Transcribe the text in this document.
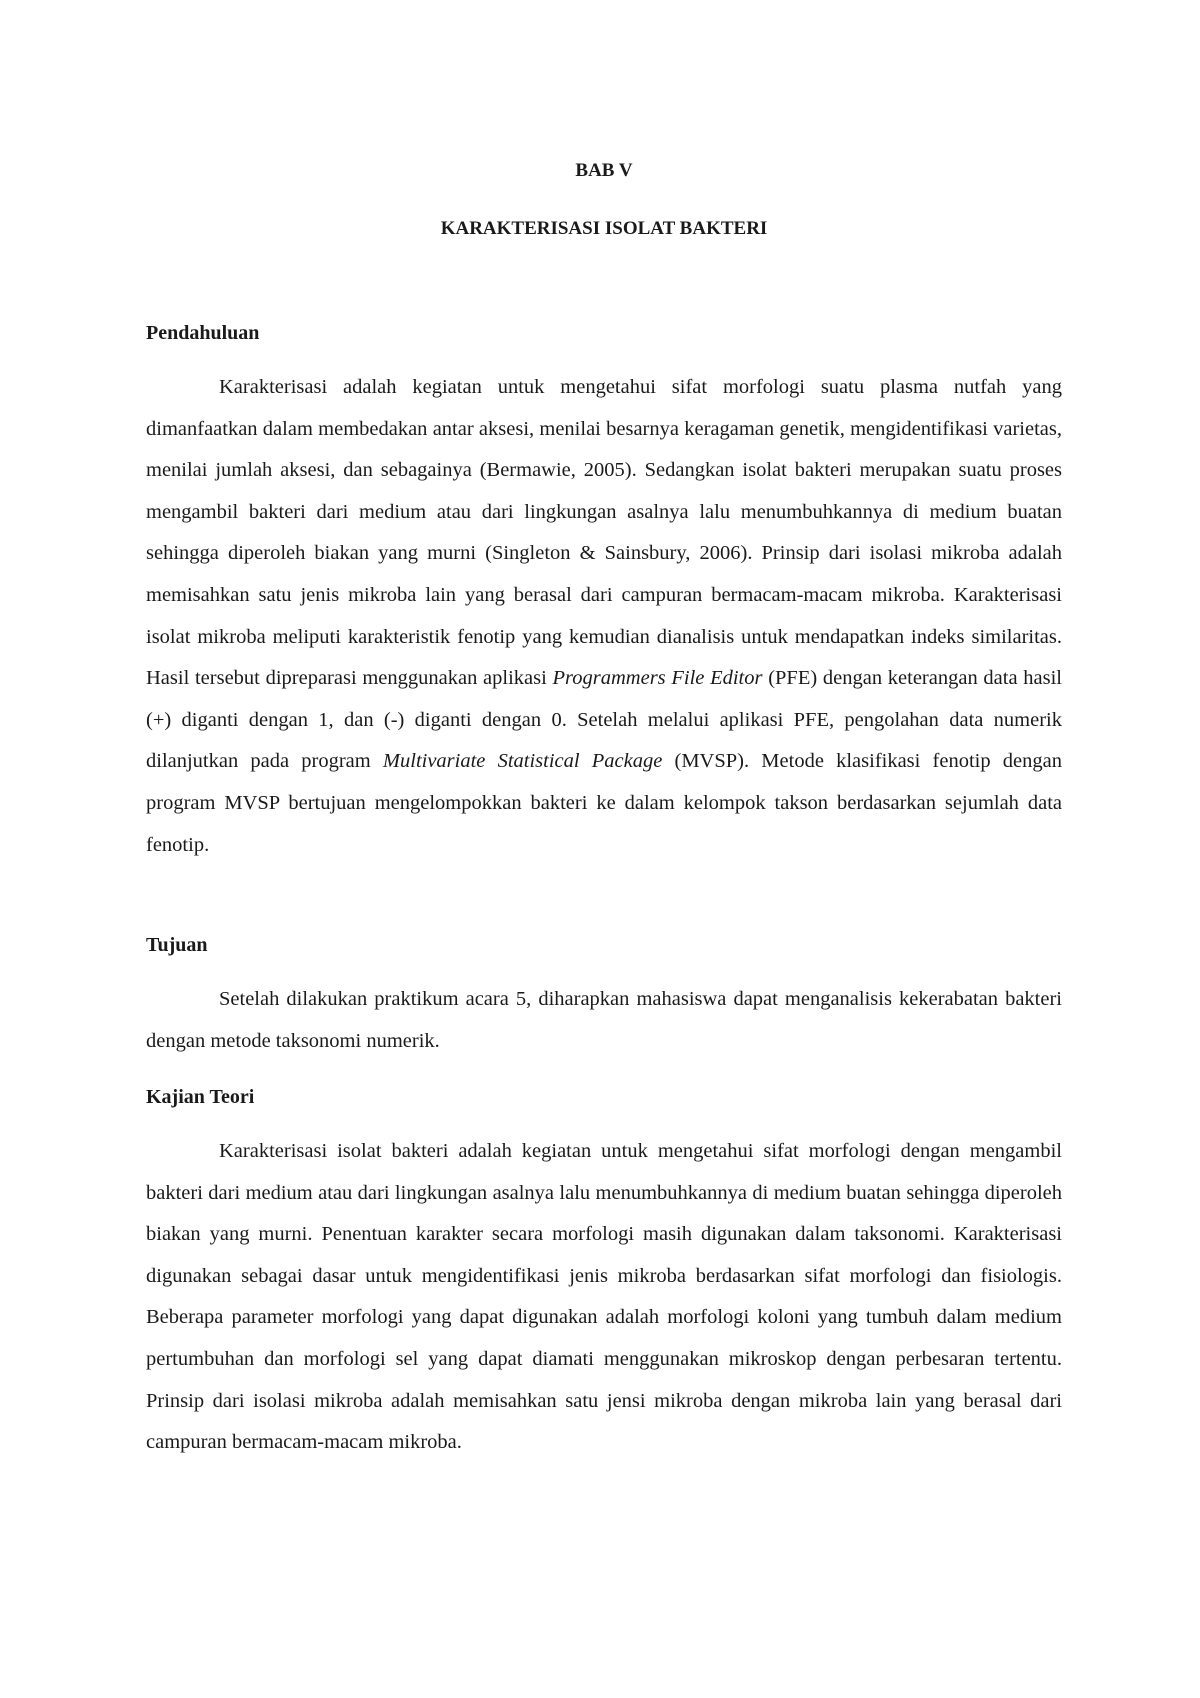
BAB V
KARAKTERISASI ISOLAT BAKTERI
Pendahuluan

Karakterisasi adalah kegiatan untuk mengetahui sifat morfologi suatu plasma nutfah yang dimanfaatkan dalam membedakan antar aksesi, menilai besarnya keragaman genetik, mengidentifikasi varietas, menilai jumlah aksesi, dan sebagainya (Bermawie, 2005). Sedangkan isolat bakteri merupakan suatu proses mengambil bakteri dari medium atau dari lingkungan asalnya lalu menumbuhkannya di medium buatan sehingga diperoleh biakan yang murni (Singleton & Sainsbury, 2006). Prinsip dari isolasi mikroba adalah memisahkan satu jenis mikroba lain yang berasal dari campuran bermacam-macam mikroba. Karakterisasi isolat mikroba meliputi karakteristik fenotip yang kemudian dianalisis untuk mendapatkan indeks similaritas. Hasil tersebut dipreparasi menggunakan aplikasi Programmers File Editor (PFE) dengan keterangan data hasil (+) diganti dengan 1, dan (-) diganti dengan 0. Setelah melalui aplikasi PFE, pengolahan data numerik dilanjutkan pada program Multivariate Statistical Package (MVSP). Metode klasifikasi fenotip dengan program MVSP bertujuan mengelompokkan bakteri ke dalam kelompok takson berdasarkan sejumlah data fenotip.

Tujuan

Setelah dilakukan praktikum acara 5, diharapkan mahasiswa dapat menganalisis kekerabatan bakteri dengan metode taksonomi numerik.

Kajian Teori

Karakterisasi isolat bakteri adalah kegiatan untuk mengetahui sifat morfologi dengan mengambil bakteri dari medium atau dari lingkungan asalnya lalu menumbuhkannya di medium buatan sehingga diperoleh biakan yang murni. Penentuan karakter secara morfologi masih digunakan dalam taksonomi. Karakterisasi digunakan sebagai dasar untuk mengidentifikasi jenis mikroba berdasarkan sifat morfologi dan fisiologis. Beberapa parameter morfologi yang dapat digunakan adalah morfologi koloni yang tumbuh dalam medium pertumbuhan dan morfologi sel yang dapat diamati menggunakan mikroskop dengan perbesaran tertentu. Prinsip dari isolasi mikroba adalah memisahkan satu jensi mikroba dengan mikroba lain yang berasal dari campuran bermacam-macam mikroba.
